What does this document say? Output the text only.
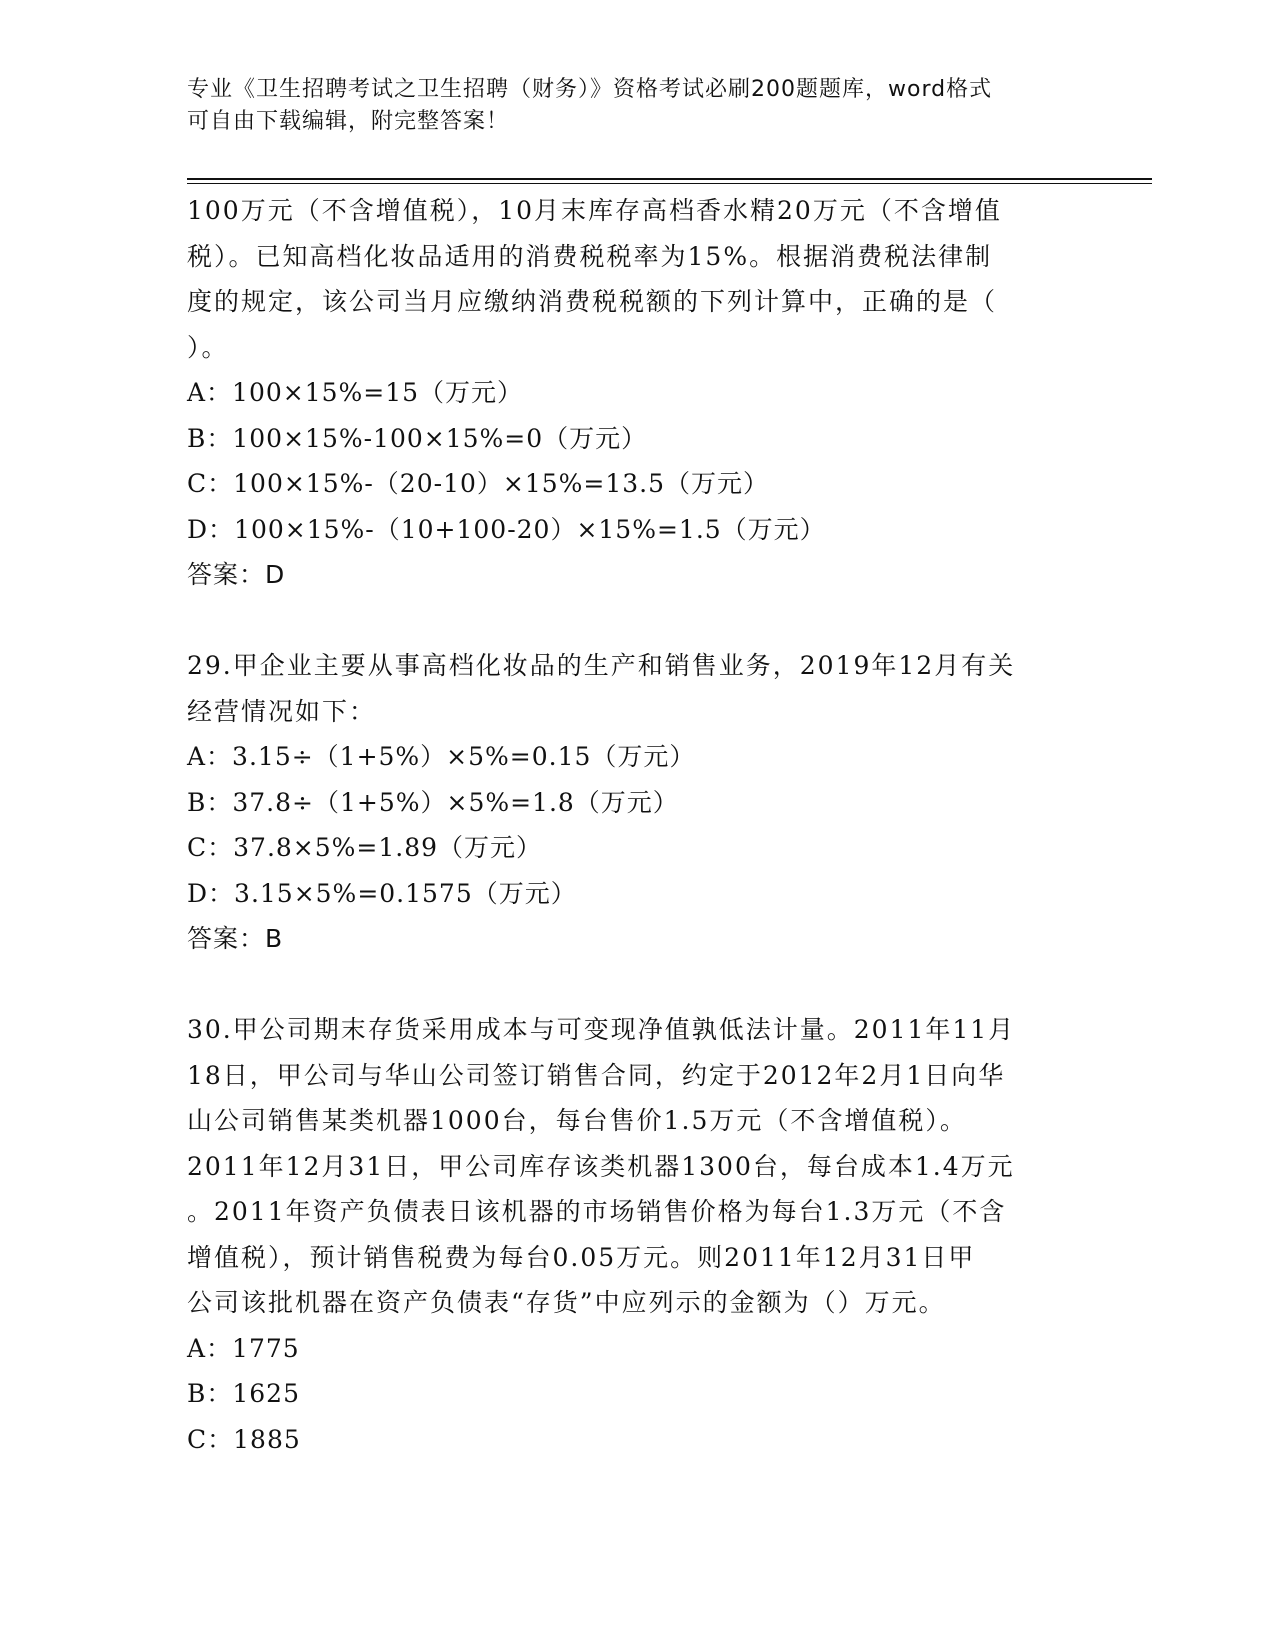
专业《卫生招聘考试之卫生招聘（财务）》资格考试必刷200题题库，word格式
可自由下载编辑，附完整答案！
100万元（不含增值税），10月末库存高档香水精20万元（不含增值
税）。已知高档化妆品适用的消费税税率为15%。根据消费税法律制
度的规定，该公司当月应缴纳消费税税额的下列计算中，正确的是（
）。
A：100×15%=15（万元）
B：100×15%-100×15%=0（万元）
C：100×15%-（20-10）×15%=13.5（万元）
D：100×15%-（10+100-20）×15%=1.5（万元）
答案：D
29.甲企业主要从事高档化妆品的生产和销售业务，2019年12月有关
经营情况如下：
A：3.15÷（1+5%）×5%=0.15（万元）
B：37.8÷（1+5%）×5%=1.8（万元）
C：37.8×5%=1.89（万元）
D：3.15×5%=0.1575（万元）
答案：B
30.甲公司期末存货采用成本与可变现净值孰低法计量。2011年11月
18日，甲公司与华山公司签订销售合同，约定于2012年2月1日向华
山公司销售某类机器1000台，每台售价1.5万元（不含增值税）。
2011年12月31日，甲公司库存该类机器1300台，每台成本1.4万元
。2011年资产负债表日该机器的市场销售价格为每台1.3万元（不含
增值税），预计销售税费为每台0.05万元。则2011年12月31日甲
公司该批机器在资产负债表“存货”中应列示的金额为（）万元。
A：1775
B：1625
C：1885
